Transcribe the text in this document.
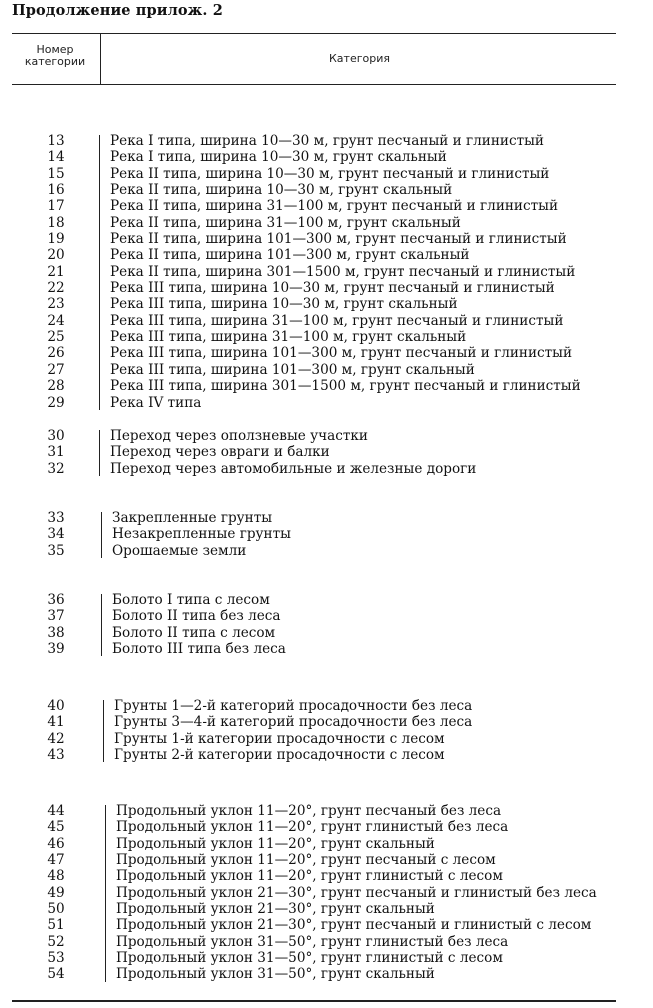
Продолжение прилож. 2
Номер категории	Категория
13	Река I типа, ширина 10—30 м, грунт песчаный и глинистый
14	Река I типа, ширина 10—30 м, грунт скальный
15	Река II типа, ширина 10—30 м, грунт песчаный и глинистый
16	Река II типа, ширина 10—30 м, грунт скальный
17	Река II типа, ширина 31—100 м, грунт песчаный и глинистый
18	Река II типа, ширина 31—100 м, грунт скальный
19	Река II типа, ширина 101—300 м, грунт песчаный и глинистый
20	Река II типа, ширина 101—300 м, грунт скальный
21	Река II типа, ширина 301—1500 м, грунт песчаный и глинистый
22	Река III типа, ширина 10—30 м, грунт песчаный и глинистый
23	Река III типа, ширина 10—30 м, грунт скальный
24	Река III типа, ширина 31—100 м, грунт песчаный и глинистый
25	Река III типа, ширина 31—100 м, грунт скальный
26	Река III типа, ширина 101—300 м, грунт песчаный и глинистый
27	Река III типа, ширина 101—300 м, грунт скальный
28	Река III типа, ширина 301—1500 м, грунт песчаный и глинистый
29	Река IV типа
30	Переход через оползневые участки
31	Переход через овраги и балки
32	Переход через автомобильные и железные дороги
33	Закрепленные грунты
34	Незакрепленные грунты
35	Орошаемые земли
36	Болото I типа с лесом
37	Болото II типа без леса
38	Болото II типа с лесом
39	Болото III типа без леса
40	Грунты 1—2-й категорий просадочности без леса
41	Грунты 3—4-й категорий просадочности без леса
42	Грунты 1-й категории просадочности с лесом
43	Грунты 2-й категории просадочности с лесом
44	Продольный уклон 11—20°, грунт песчаный без леса
45	Продольный уклон 11—20°, грунт глинистый без леса
46	Продольный уклон 11—20°, грунт скальный
47	Продольный уклон 11—20°, грунт песчаный с лесом
48	Продольный уклон 11—20°, грунт глинистый с лесом
49	Продольный уклон 21—30°, грунт песчаный и глинистый без леса
50	Продольный уклон 21—30°, грунт скальный
51	Продольный уклон 21—30°, грунт песчаный и глинистый с лесом
52	Продольный уклон 31—50°, грунт глинистый без леса
53	Продольный уклон 31—50°, грунт глинистый с лесом
54	Продольный уклон 31—50°, грунт скальный
